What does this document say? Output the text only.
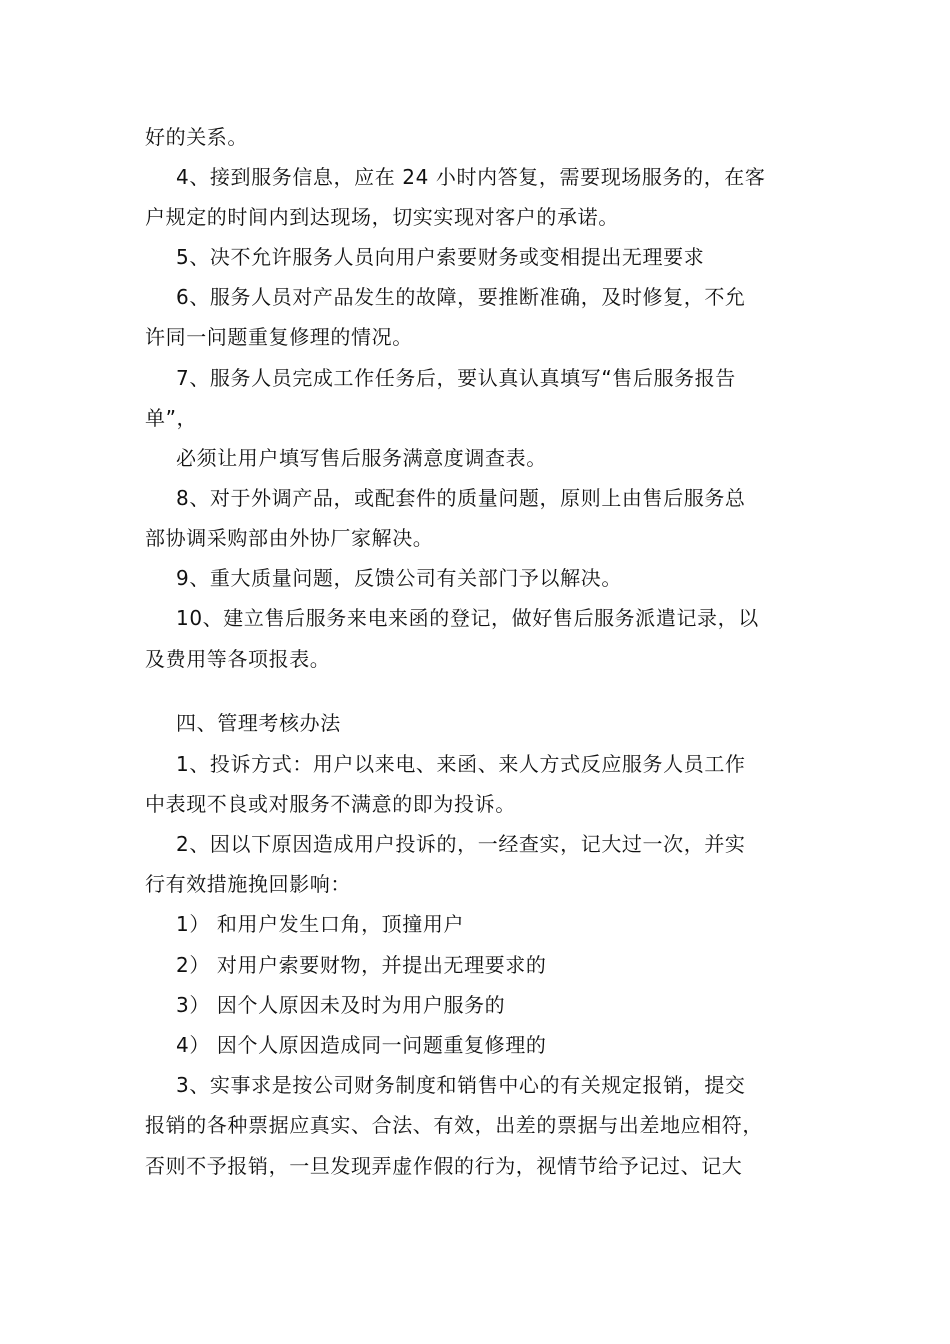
好的关系。
4、接到服务信息，应在 24 小时内答复，需要现场服务的，在客
户规定的时间内到达现场，切实实现对客户的承诺。
5、决不允许服务人员向用户索要财务或变相提出无理要求
6、服务人员对产品发生的故障，要推断准确，及时修复，不允
许同一问题重复修理的情况。
7、服务人员完成工作任务后，要认真认真填写“售后服务报告
单”，
必须让用户填写售后服务满意度调查表。
8、对于外调产品，或配套件的质量问题，原则上由售后服务总
部协调采购部由外协厂家解决。
9、重大质量问题，反馈公司有关部门予以解决。
10、建立售后服务来电来函的登记，做好售后服务派遣记录，以
及费用等各项报表。
四、管理考核办法
1、投诉方式：用户以来电、来函、来人方式反应服务人员工作
中表现不良或对服务不满意的即为投诉。
2、因以下原因造成用户投诉的，一经查实，记大过一次，并实
行有效措施挽回影响：
1） 和用户发生口角，顶撞用户
2） 对用户索要财物，并提出无理要求的
3） 因个人原因未及时为用户服务的
4） 因个人原因造成同一问题重复修理的
3、实事求是按公司财务制度和销售中心的有关规定报销，提交
报销的各种票据应真实、合法、有效，出差的票据与出差地应相符，
否则不予报销，一旦发现弄虚作假的行为，视情节给予记过、记大
